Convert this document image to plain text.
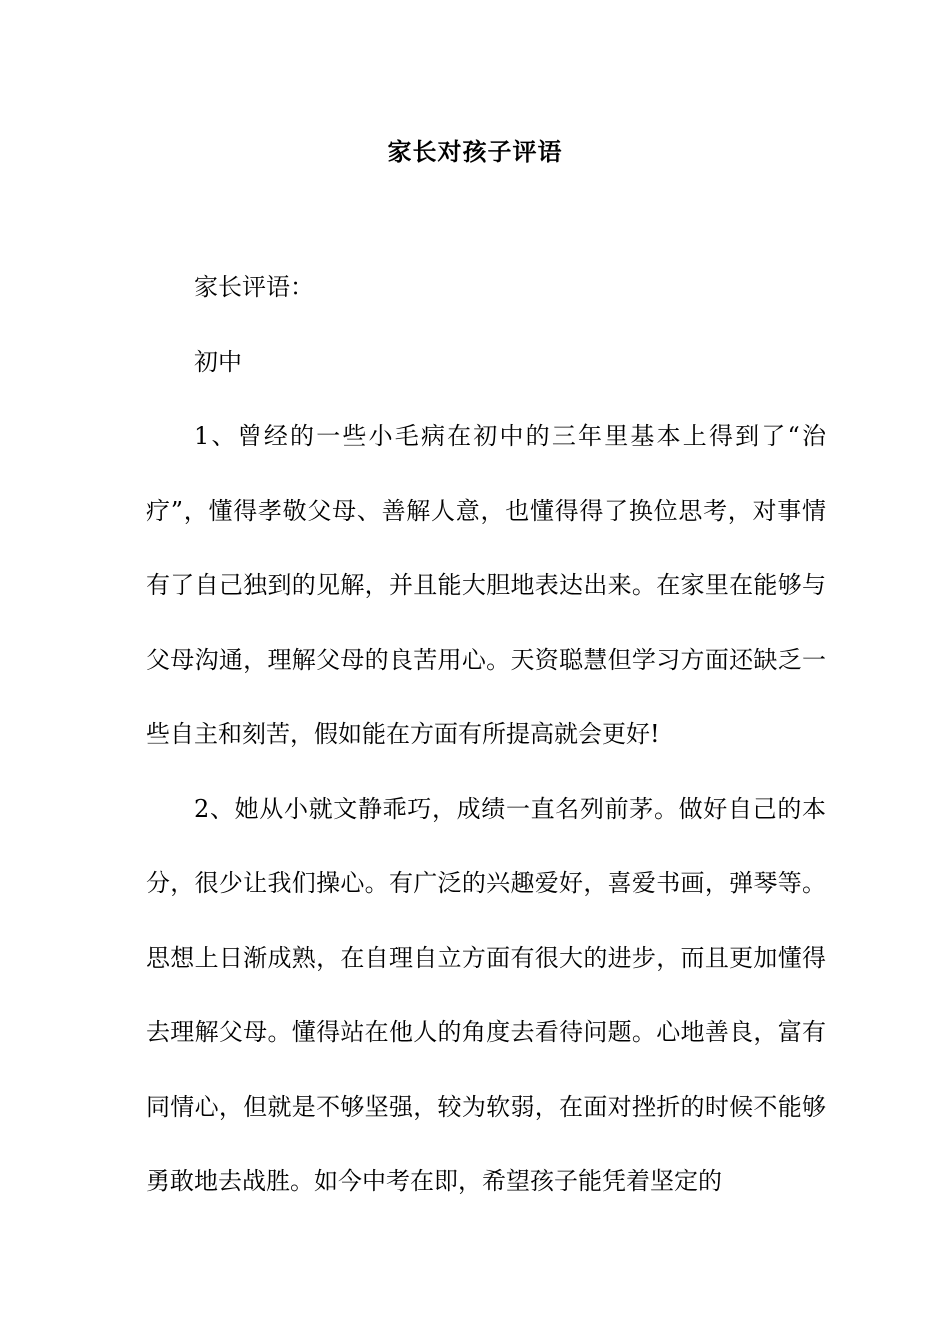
家长对孩子评语

家长评语：

初中

1、曾经的一些小毛病在初中的三年里基本上得到了“治疗”，懂得孝敬父母、善解人意，也懂得得了换位思考，对事情有了自己独到的见解，并且能大胆地表达出来。在家里在能够与父母沟通，理解父母的良苦用心。天资聪慧但学习方面还缺乏一些自主和刻苦，假如能在方面有所提高就会更好!

2、她从小就文静乖巧，成绩一直名列前茅。做好自己的本分，很少让我们操心。有广泛的兴趣爱好，喜爱书画，弹琴等。思想上日渐成熟，在自理自立方面有很大的进步，而且更加懂得去理解父母。懂得站在他人的角度去看待问题。心地善良，富有同情心，但就是不够坚强，较为软弱，在面对挫折的时候不能够勇敢地去战胜。如今中考在即，希望孩子能凭着坚定的
